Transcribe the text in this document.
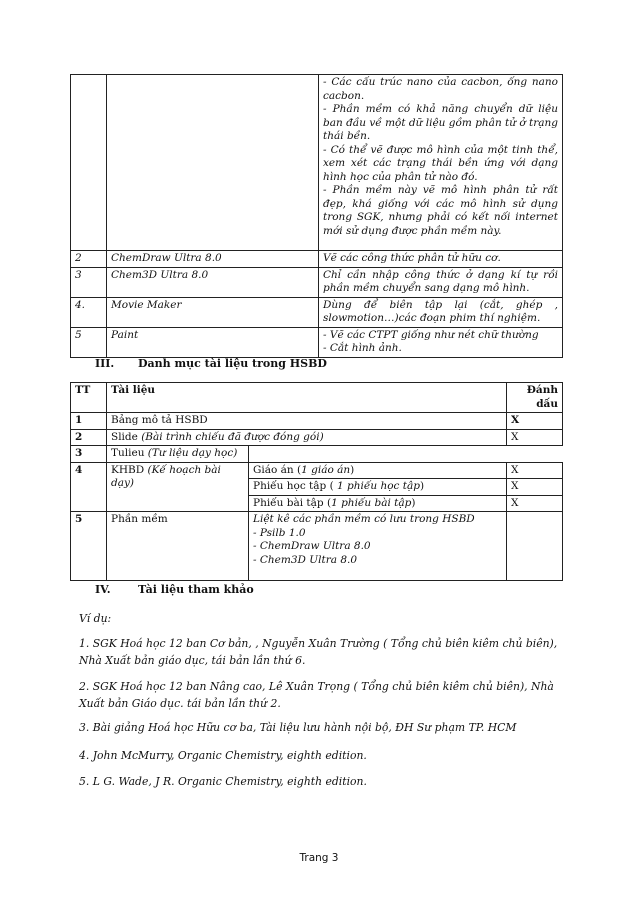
		- Các cấu trúc nano của cacbon, ống nano cacbon.
- Phần mềm có khả năng chuyển dữ liệu ban đầu về một dữ liệu gồm phân tử ở trạng thái bền.
- Có thể vẽ được mô hình của một tinh thể, xem xét các trạng thái bền ứng với dạng hình học của phân tử nào đó.
- Phần mềm này vẽ mô hình phân tử rất đẹp, khá giống với các mô hình sử dụng trong SGK, nhưng phải có kết nối internet mới sử dụng được phần mềm này.

2	ChemDraw Ultra 8.0	Vẽ các công thức phân tử hữu cơ.
3	Chem3D Ultra 8.0	Chỉ cần nhập công thức ở dạng kí tự rồi phần mềm chuyển sang dạng mô hình.
4.	Movie Maker	Dùng để biên tập lại (cắt, ghép , slowmotion…)các đoạn phim thí nghiệm.
5	Paint	- Vẽ các CTPT giống như nét chữ thường
- Cắt hình ảnh.
III. Danh mục tài liệu trong HSBD
TT	Tài liệu		Đánh dấu
1	Bảng mô tả HSBD		X
2	Slide (Bài trình chiếu đã được đóng gói)		X
3	Tulieu (Tư liệu dạy học)		
4	KHBD (Kế hoạch bài dạy)	Giáo án (1 giáo án)	X
		Phiếu học tập ( 1 phiếu học tập)	X
		Phiếu bài tập (1 phiếu bài tập)	X
5	Phần mềm	Liệt kê các phần mềm có lưu trong HSBD
- Psilb 1.0
- ChemDraw Ultra 8.0
- Chem3D Ultra 8.0	

IV. Tài liệu tham khảo
Ví dụ:
1. SGK Hoá học 12 ban Cơ bản, , Nguyễn Xuân Trường ( Tổng chủ biên kiêm chủ biên), Nhà Xuất bản giáo dục, tái bản lần thứ 6.
2. SGK Hoá học 12 ban Nâng cao, Lê Xuân Trọng ( Tổng chủ biên kiêm chủ biên), Nhà Xuất bản Giáo dục. tái bản lần thứ 2.
3. Bài giảng Hoá học Hữu cơ ba, Tài liệu lưu hành nội bộ, ĐH Sư phạm TP. HCM
4. John McMurry, Organic Chemistry, eighth edition.
5. L G. Wade, J R. Organic Chemistry, eighth edition.
Trang 3
